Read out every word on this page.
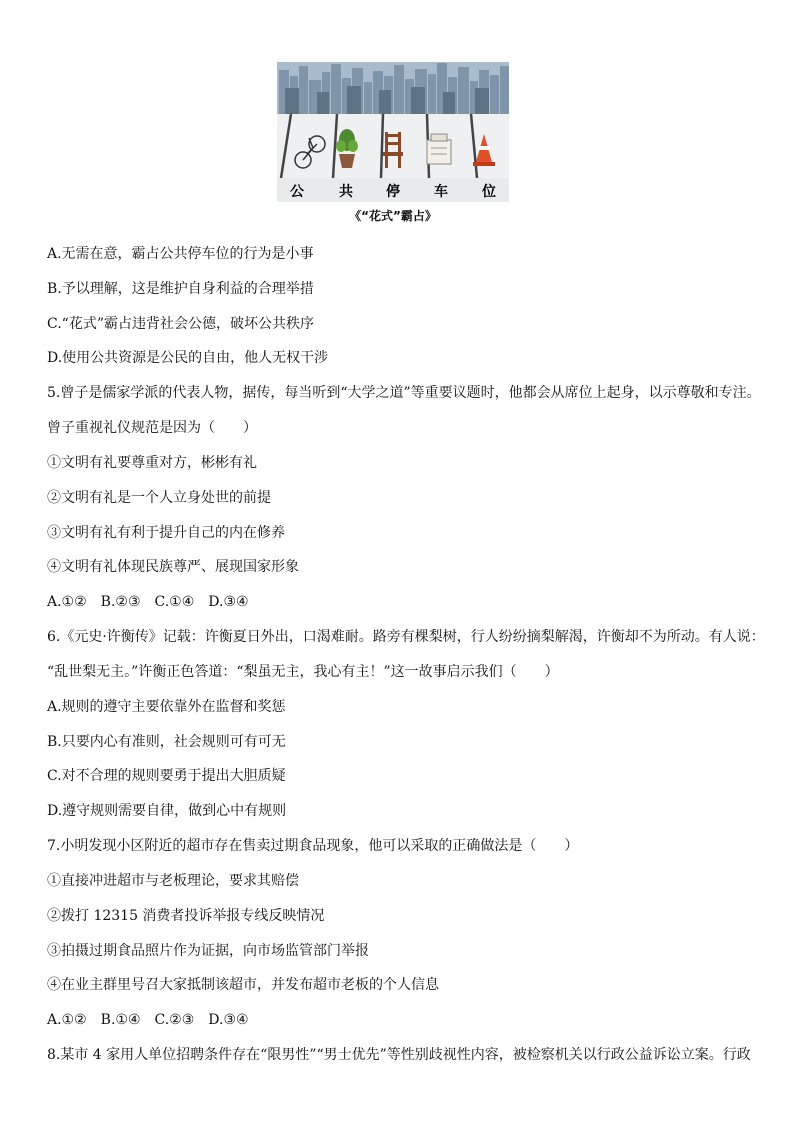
公	共 停 车 位
《“花式”霸占》
A.无需在意，霸占公共停车位的行为是小事
B.予以理解，这是维护自身利益的合理举措
C.“花式”霸占违背社会公德，破坏公共秩序
D.使用公共资源是公民的自由，他人无权干涉
5.曾子是儒家学派的代表人物，据传，每当听到“大学之道”等重要议题时，他都会从席位上起身，以示尊敬和专注。
曾子重视礼仪规范是因为（　　）
①文明有礼要尊重对方，彬彬有礼
②文明有礼是一个人立身处世的前提
③文明有礼有利于提升自己的内在修养
④文明有礼体现民族尊严、展现国家形象
A.①② B.②③ C.①④ D.③④
6.《元史·许衡传》记载：许衡夏日外出，口渴难耐。路旁有棵梨树，行人纷纷摘梨解渴，许衡却不为所动。有人说：
“乱世梨无主。”许衡正色答道：“梨虽无主，我心有主！”这一故事启示我们（　　）
A.规则的遵守主要依靠外在监督和奖惩
B.只要内心有准则，社会规则可有可无
C.对不合理的规则要勇于提出大胆质疑
D.遵守规则需要自律，做到心中有规则
7.小明发现小区附近的超市存在售卖过期食品现象，他可以采取的正确做法是（　　）
①直接冲进超市与老板理论，要求其赔偿
②拨打 12315 消费者投诉举报专线反映情况
③拍摄过期食品照片作为证据，向市场监管部门举报
④在业主群里号召大家抵制该超市，并发布超市老板的个人信息
A.①② B.①④ C.②③ D.③④
8.某市 4 家用人单位招聘条件存在“限男性”“男士优先”等性别歧视性内容，被检察机关以行政公益诉讼立案。行政
